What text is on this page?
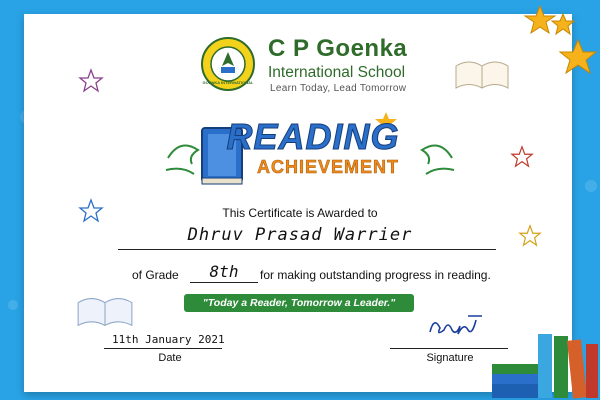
GOENKA INTERNATIONAL
C P Goenka
International School
Learn Today, Lead Tomorrow
READING
ACHIEVEMENT
This Certificate is Awarded to
Dhruv Prasad Warrier
of Grade	8th	for making outstanding progress in reading.
"Today a Reader, Tomorrow a Leader."
11th January 2021
Date	Signature
